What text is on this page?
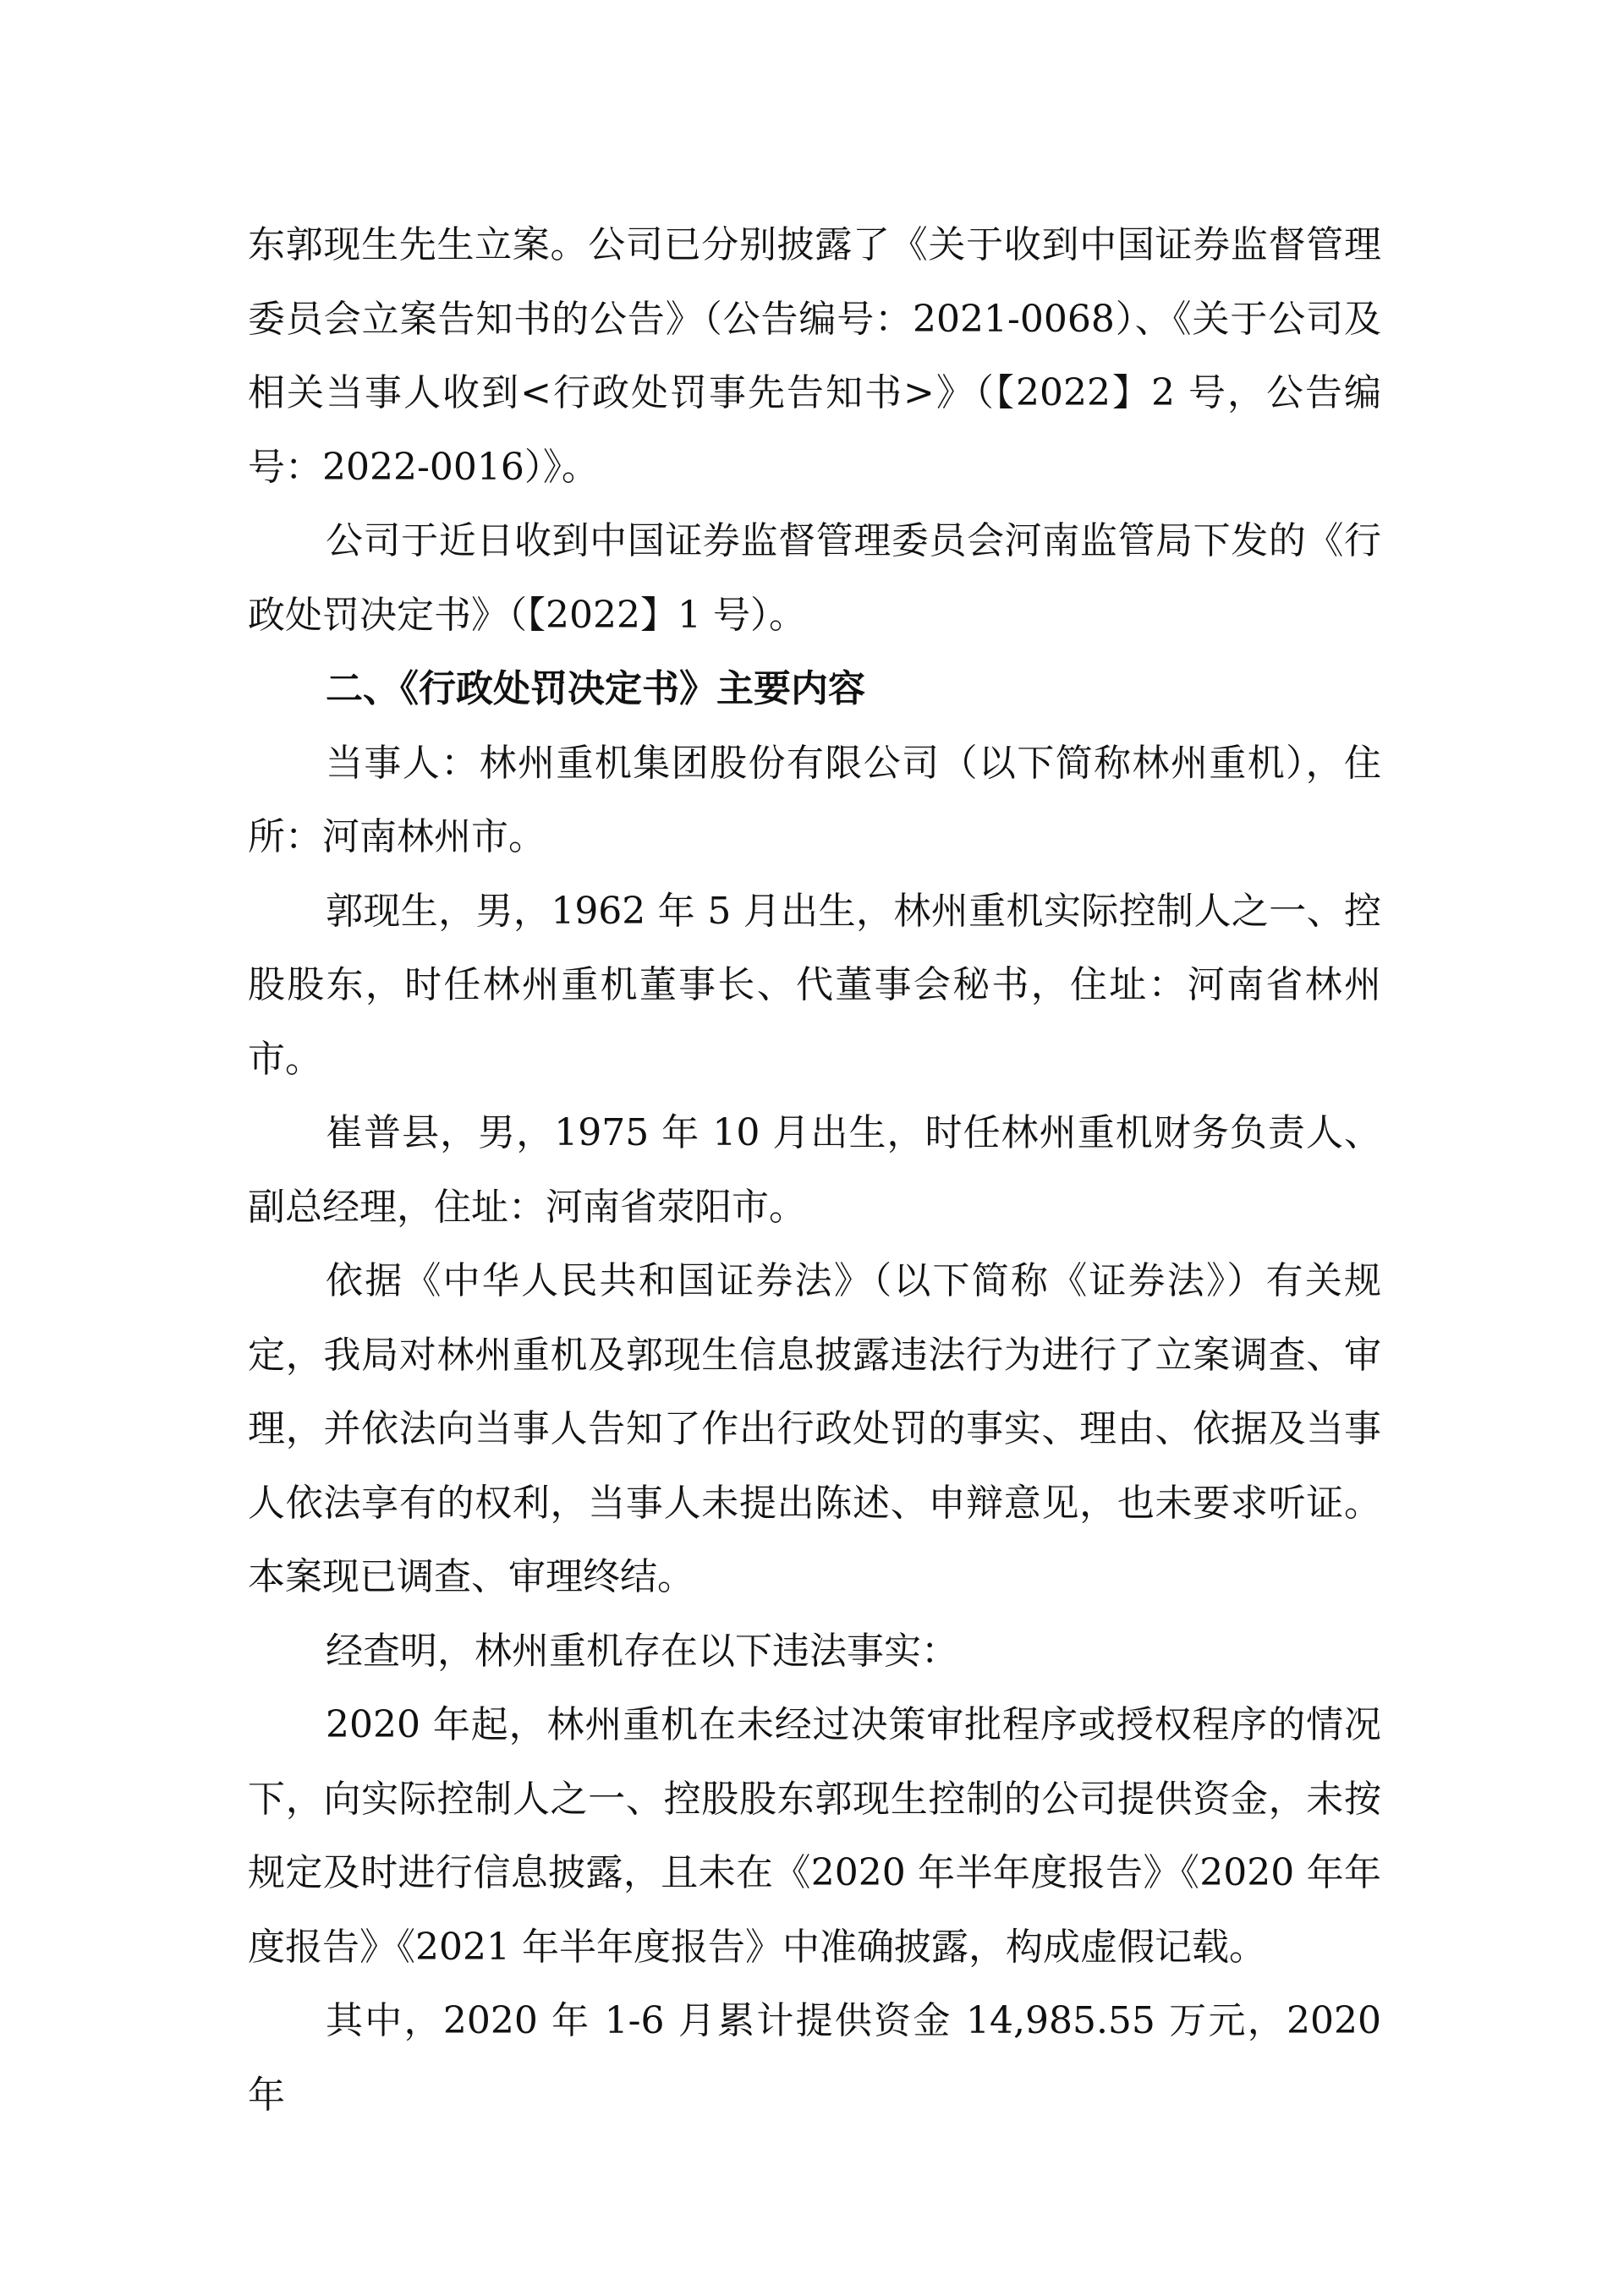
东郭现生先生立案。公司已分别披露了《关于收到中国证券监督管理委员会立案告知书的公告》（公告编号：2021-0068）、《关于公司及相关当事人收到<行政处罚事先告知书>》（【2022】2 号，公告编号：2022-0016）》。

公司于近日收到中国证券监督管理委员会河南监管局下发的《行政处罚决定书》（【2022】1 号）。

二、《行政处罚决定书》主要内容

当事人：林州重机集团股份有限公司（以下简称林州重机），住所：河南林州市。

郭现生，男，1962 年 5 月出生，林州重机实际控制人之一、控股股东，时任林州重机董事长、代董事会秘书，住址：河南省林州市。

崔普县，男，1975 年 10 月出生，时任林州重机财务负责人、副总经理，住址：河南省荥阳市。

依据《中华人民共和国证券法》（以下简称《证券法》）有关规定，我局对林州重机及郭现生信息披露违法行为进行了立案调查、审理，并依法向当事人告知了作出行政处罚的事实、理由、依据及当事人依法享有的权利，当事人未提出陈述、申辩意见，也未要求听证。本案现已调查、审理终结。

经查明，林州重机存在以下违法事实：

2020 年起，林州重机在未经过决策审批程序或授权程序的情况下，向实际控制人之一、控股股东郭现生控制的公司提供资金，未按规定及时进行信息披露，且未在《2020 年半年度报告》《2020 年年度报告》《2021 年半年度报告》中准确披露，构成虚假记载。

其中，2020 年 1-6 月累计提供资金 14,985.55 万元，2020 年
